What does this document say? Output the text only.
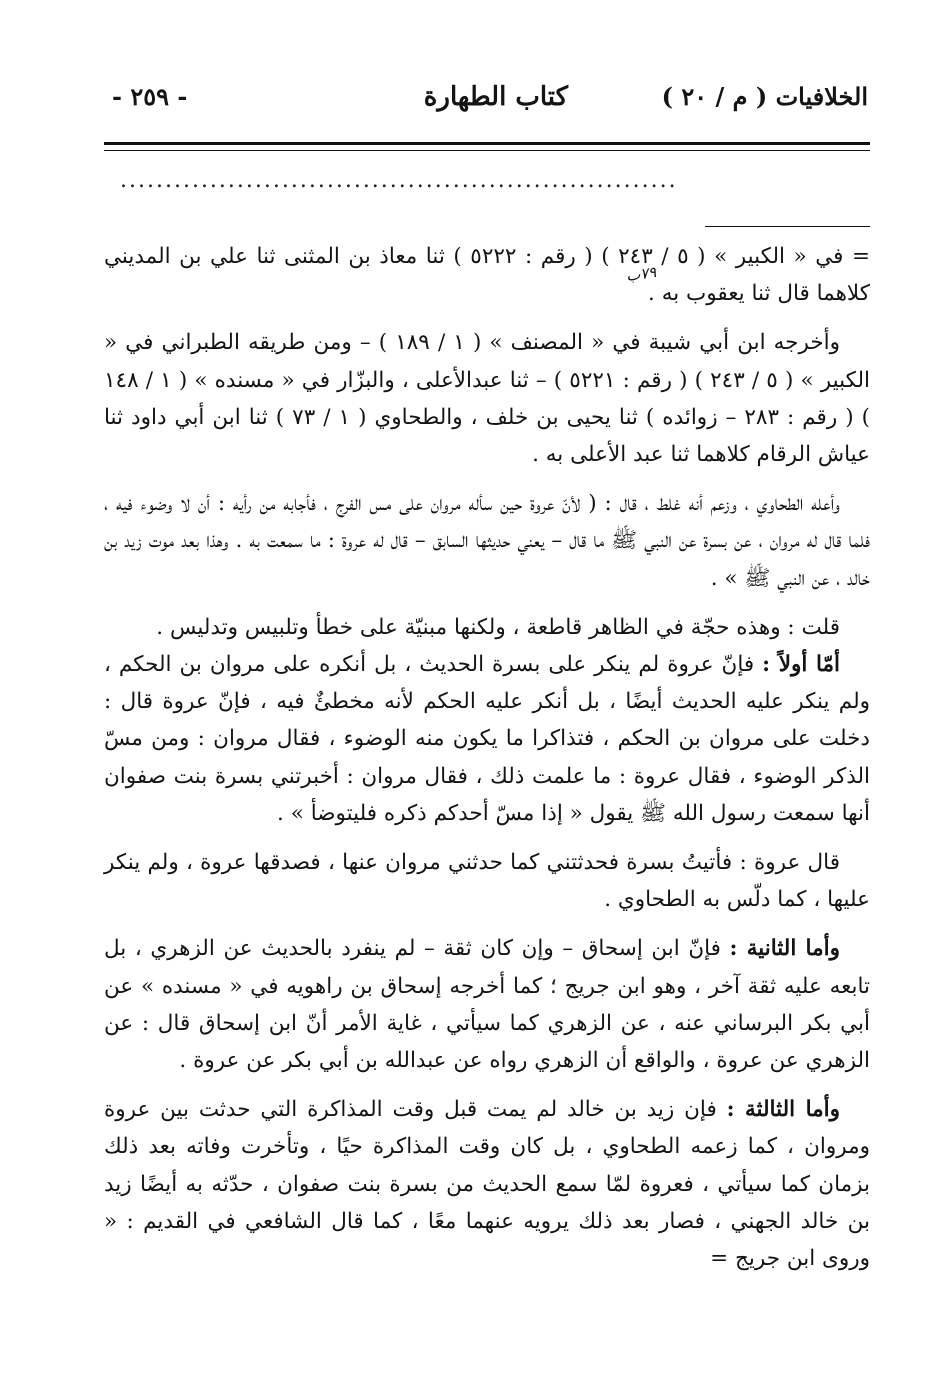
الخلافيات ( م / ٢٠ )
كتاب الطهارة
- ٢٥٩ -
..............................................................
٧٩ب

= في « الكبير » ( ٥ / ٢٤٣ ) ( رقم : ٥٢٢٢ ) ثنا معاذ بن المثنى ثنا علي بن المديني كلاهما قال ثنا يعقوب به .

وأخرجه ابن أبي شيبة في « المصنف » ( ١ / ١٨٩ ) – ومن طريقه الطبراني في « الكبير » ( ٥ / ٢٤٣ ) ( رقم : ٥٢٢١ ) – ثنا عبدالأعلى ، والبزّار في « مسنده » ( ١ / ١٤٨ ) ( رقم : ٢٨٣ – زوائده ) ثنا يحيى بن خلف ، والطحاوي ( ١ / ٧٣ ) ثنا ابن أبي داود ثنا عياش الرقام كلاهما ثنا عبد الأعلى به .

وأعله الطحاوي ، وزعم أنه غلط ، قال : ( لأنّ عروة حين سأله مروان على مس الفرج ، فأجابه من رأيه : أن لا وضوء فيه ، فلما قال له مروان ، عن بسرة عن النبي ﷺ ما قال – يعني حديثها السابق – قال له عروة : ما سمعت به . وهذا بعد موت زيد بن خالد ، عن النبي ﷺ » .

قلت : وهذه حجّة في الظاهر قاطعة ، ولكنها مبنيّة على خطأ وتلبيس وتدليس .

أمّا أولاً : فإنّ عروة لم ينكر على بسرة الحديث ، بل أنكره على مروان بن الحكم ، ولم ينكر عليه الحديث أيضًا ، بل أنكر عليه الحكم لأنه مخطئٌ فيه ، فإنّ عروة قال : دخلت على مروان بن الحكم ، فتذاكرا ما يكون منه الوضوء ، فقال مروان : ومن مسّ الذكر الوضوء ، فقال عروة : ما علمت ذلك ، فقال مروان : أخبرتني بسرة بنت صفوان أنها سمعت رسول الله ﷺ يقول « إذا مسّ أحدكم ذكره فليتوضأ » .

قال عروة : فأتيتُ بسرة فحدثتني كما حدثني مروان عنها ، فصدقها عروة ، ولم ينكر عليها ، كما دلّس به الطحاوي .

وأما الثانية : فإنّ ابن إسحاق – وإن كان ثقة – لم ينفرد بالحديث عن الزهري ، بل تابعه عليه ثقة آخر ، وهو ابن جريج ؛ كما أخرجه إسحاق بن راهويه في « مسنده » عن أبي بكر البرساني عنه ، عن الزهري كما سيأتي ، غاية الأمر أنّ ابن إسحاق قال : عن الزهري عن عروة ، والواقع أن الزهري رواه عن عبدالله بن أبي بكر عن عروة .

وأما الثالثة : فإن زيد بن خالد لم يمت قبل وقت المذاكرة التي حدثت بين عروة ومروان ، كما زعمه الطحاوي ، بل كان وقت المذاكرة حيًا ، وتأخرت وفاته بعد ذلك بزمان كما سيأتي ، فعروة لمّا سمع الحديث من بسرة بنت صفوان ، حدّثه به أيضًا زيد بن خالد الجهني ، فصار بعد ذلك يرويه عنهما معًا ، كما قال الشافعي في القديم : « وروى ابن جريج =
